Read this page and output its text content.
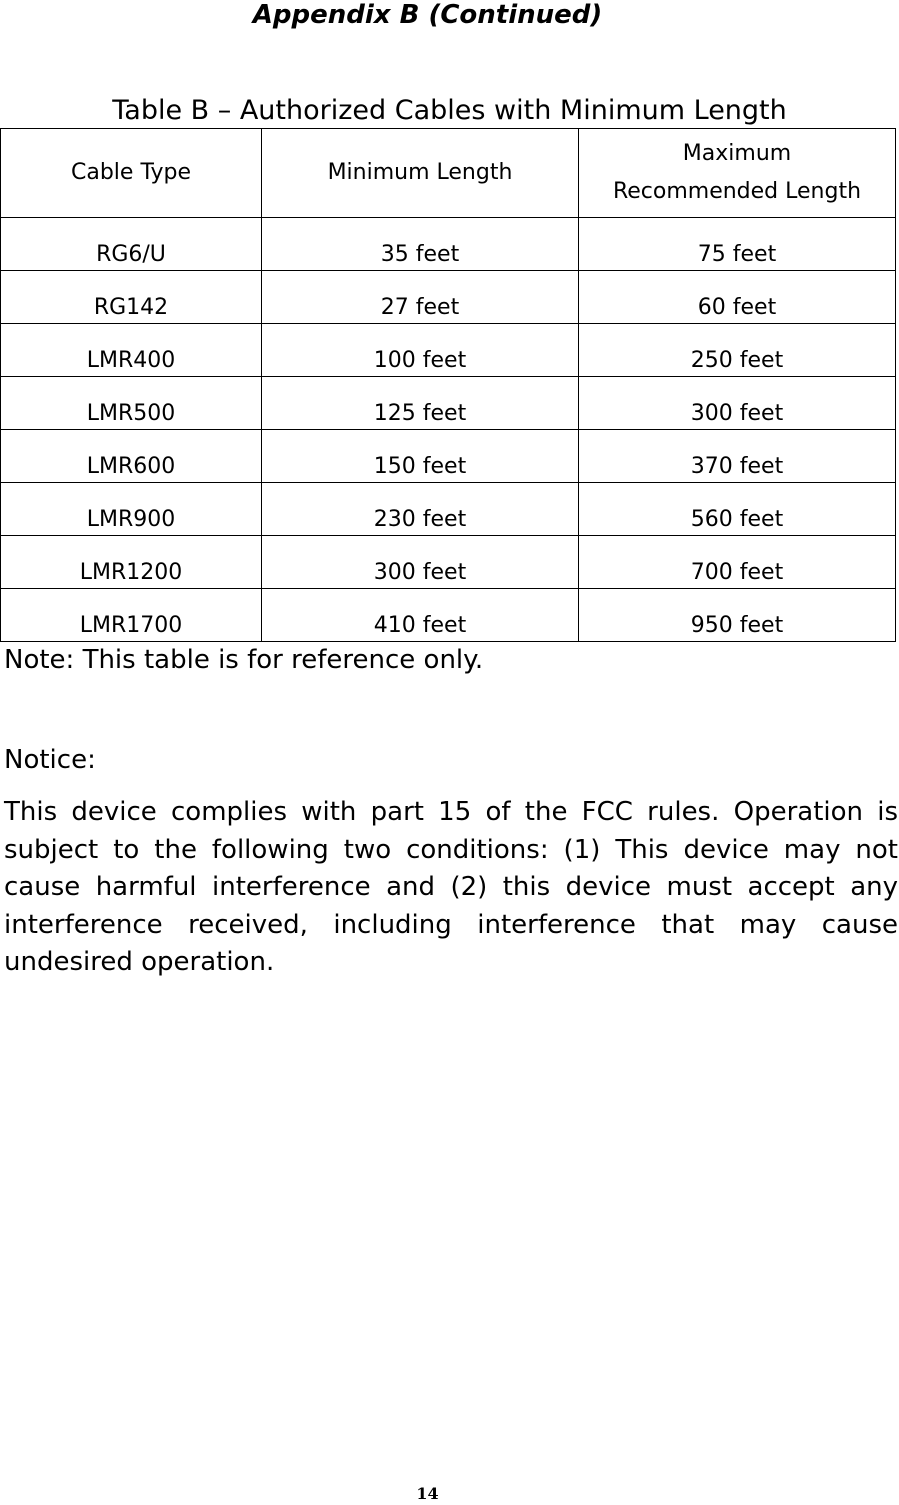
Appendix B (Continued)

Table B – Authorized Cables with Minimum Length

Cable Type	Minimum Length	Maximum
Recommended Length
RG6/U	35 feet	75 feet
RG142	27 feet	60 feet
LMR400	100 feet	250 feet
LMR500	125 feet	300 feet
LMR600	150 feet	370 feet
LMR900	230 feet	560 feet
LMR1200	300 feet	700 feet
LMR1700	410 feet	950 feet

Note: This table is for reference only.

Notice:

This device complies with part 15 of the FCC rules. Operation is subject to the following two conditions: (1) This device may not cause harmful interference and (2) this device must accept any interference received, including interference that may cause undesired operation.

14
